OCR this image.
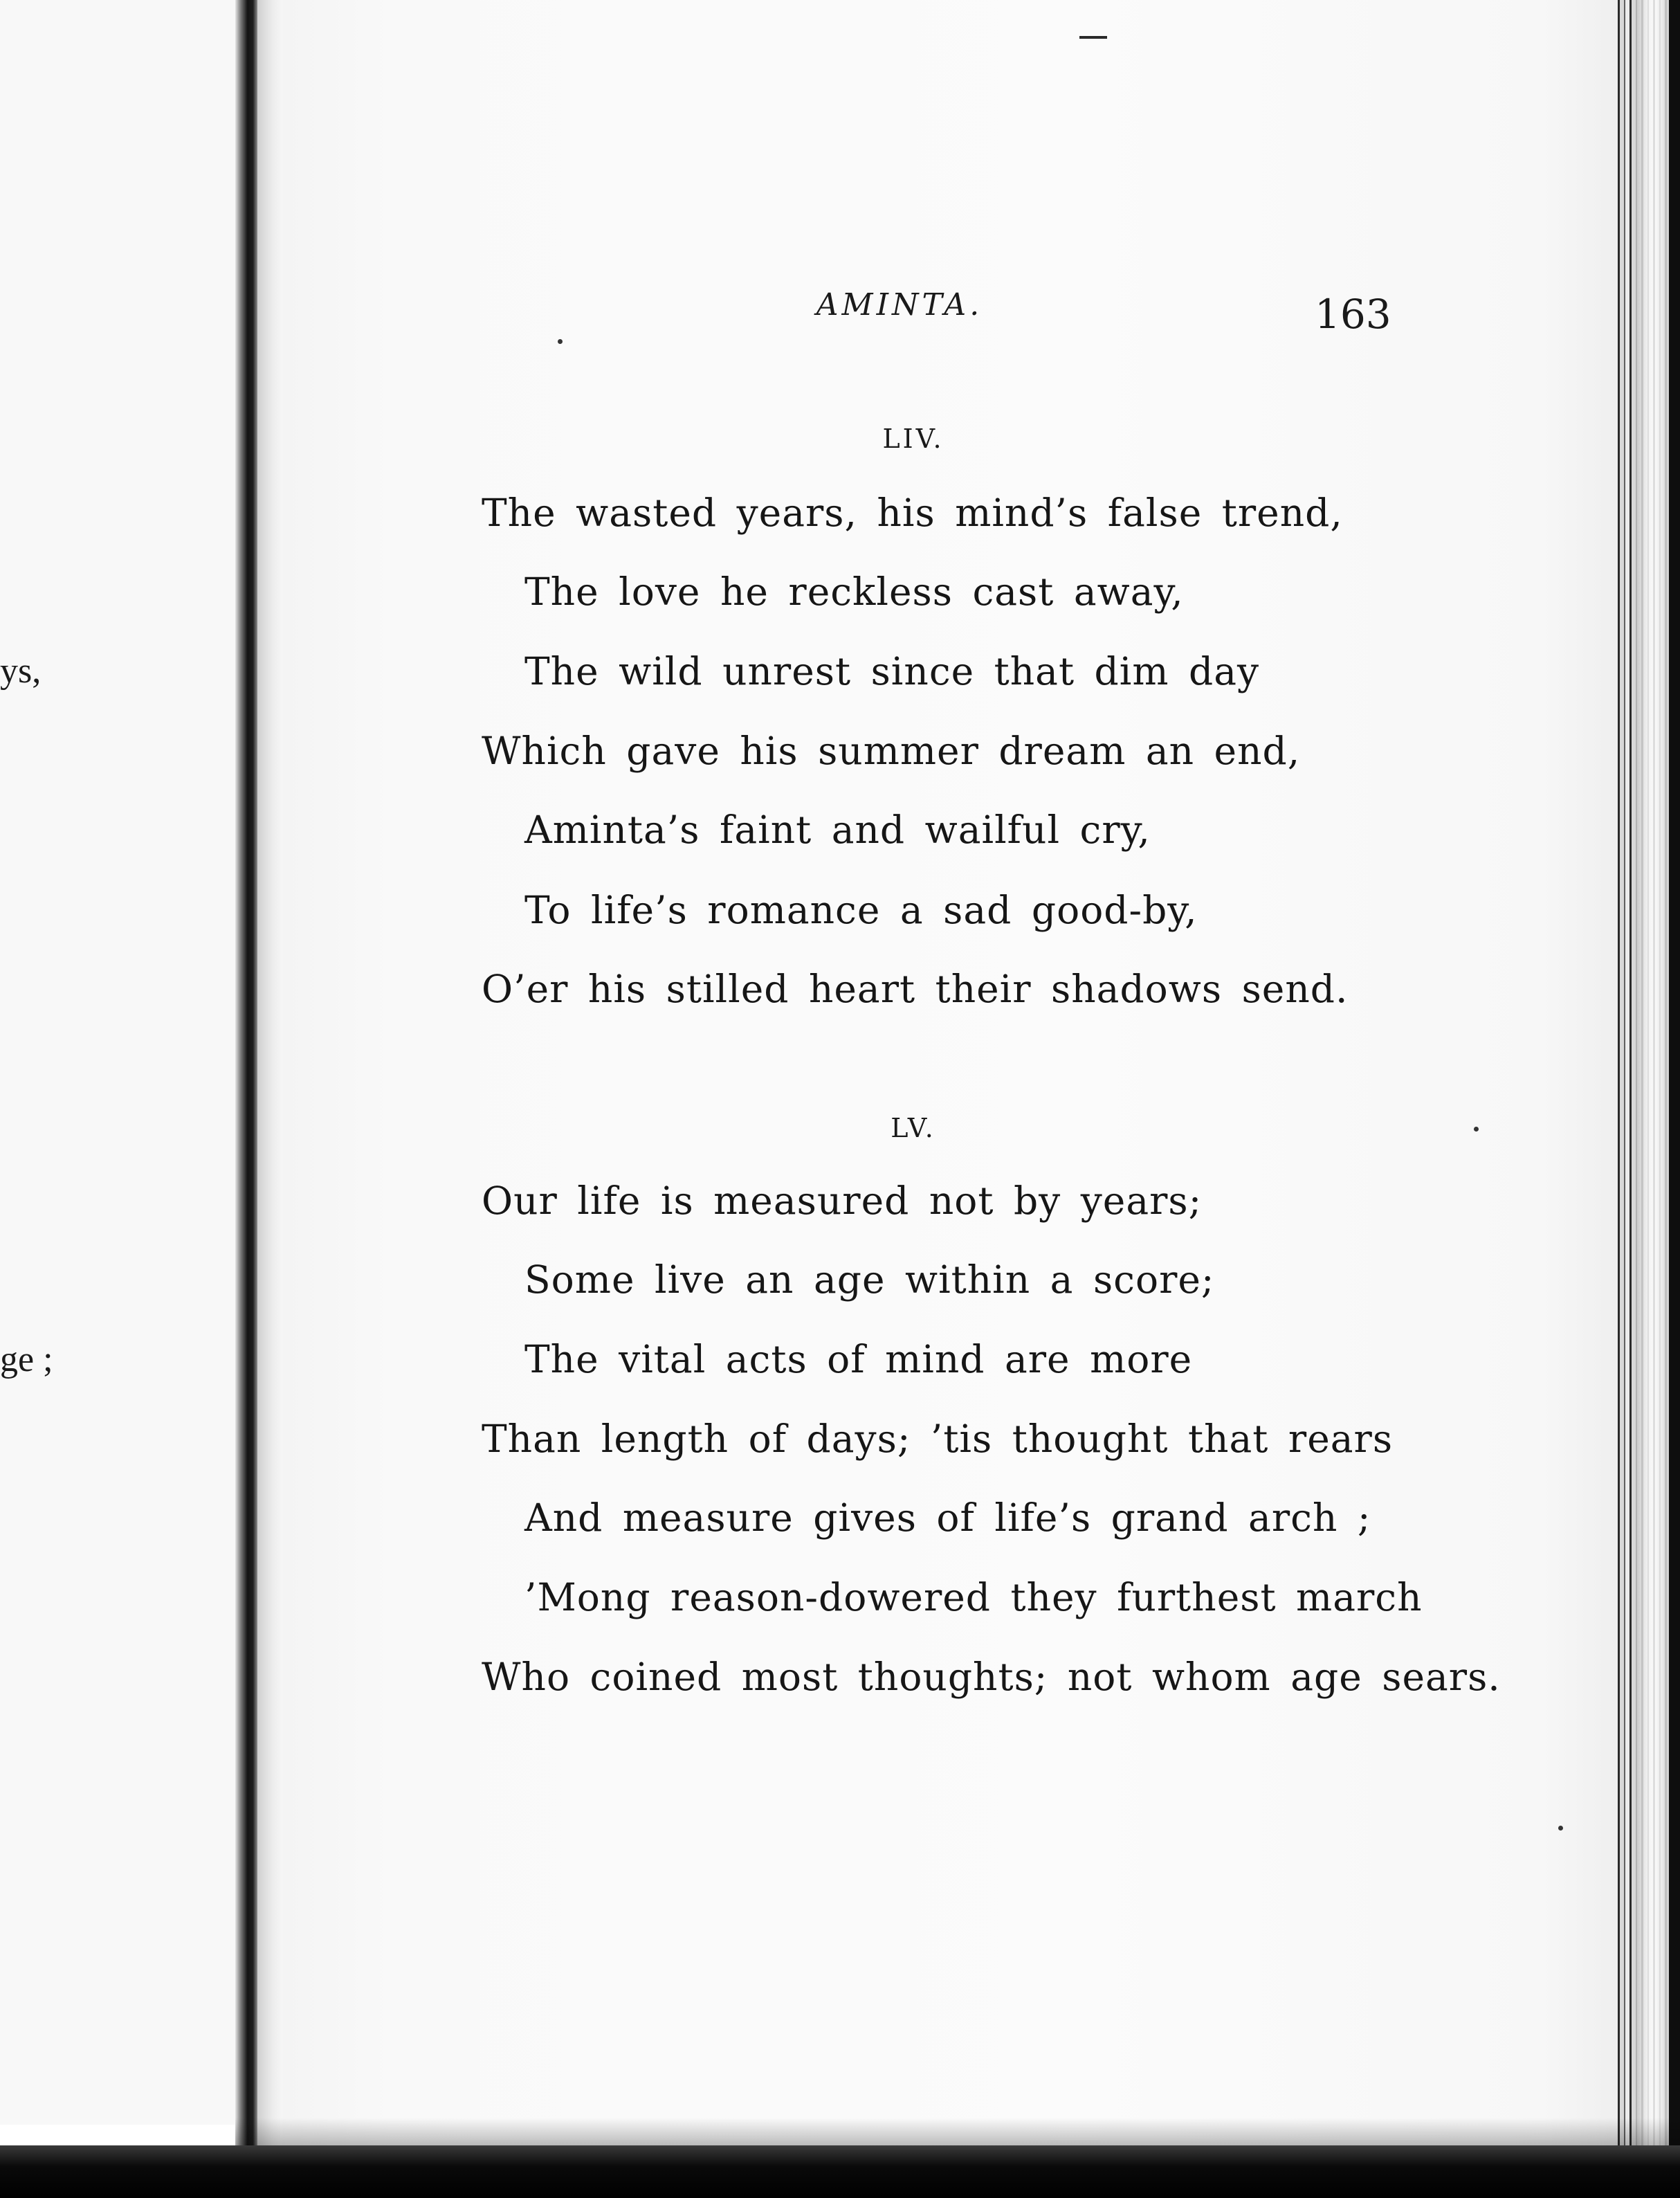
ys,
ge ;
AMINTA.	163
LIV.
The wasted years, his mind’s false trend,
The love he reckless cast away,
The wild unrest since that dim day
Which gave his summer dream an end,
Aminta’s faint and wailful cry,
To life’s romance a sad good-by,
O’er his stilled heart their shadows send.
LV.
Our life is measured not by years;
Some live an age within a score;
The vital acts of mind are more
Than length of days; ’tis thought that rears
And measure gives of life’s grand arch ;
’Mong reason-dowered they furthest march
Who coined most thoughts; not whom age sears.
